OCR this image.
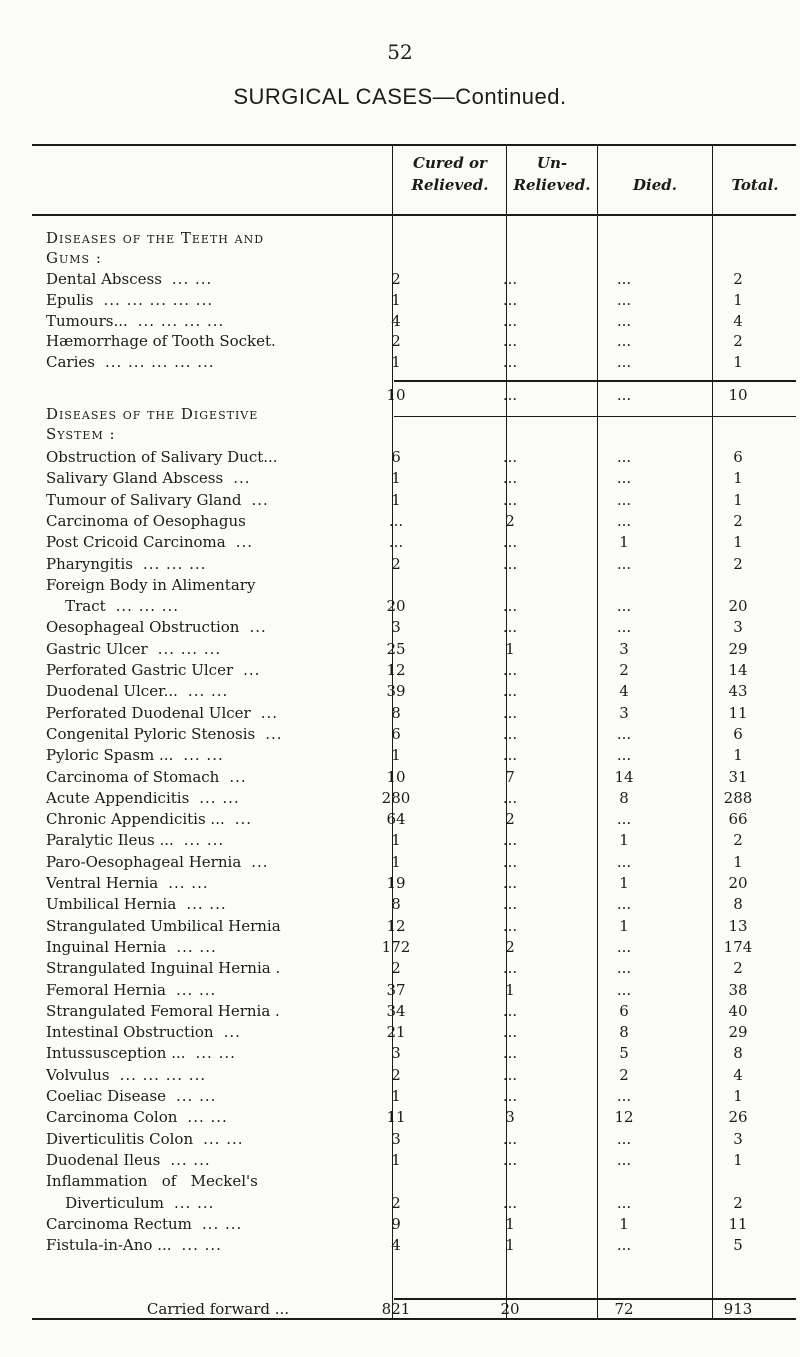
52
SURGICAL CASES—Continued.
Cured or
Relieved.
Un-
Relieved.	Died.	Total.
Diseases of the Teeth and
Gums :
Dental Abscess ... ...	2	...	...	2
Epulis ... ... ... ... ...	1	...	...	1
Tumours... ... ... ... ...	4	...	...	4
Hæmorrhage of Tooth Socket.	2	...	...	2
Caries ... ... ... ... ...	1	...	...	1
10	...	...	10
Diseases of the Digestive
System :
Obstruction of Salivary Duct...	6	...	...	6
Salivary Gland Abscess ...	1	...	...	1
Tumour of Salivary Gland ...	1	...	...	1
Carcinoma of Oesophagus	...	2	...	2
Post Cricoid Carcinoma ...	...	...	1	1
Pharyngitis ... ... ...	2	...	...	2
Foreign Body in Alimentary
Tract ... ... ...	20	...	...	20
Oesophageal Obstruction ...	3	...	...	3
Gastric Ulcer ... ... ...	25	1	3	29
Perforated Gastric Ulcer ...	12	...	2	14
Duodenal Ulcer... ... ...	39	...	4	43
Perforated Duodenal Ulcer ...	8	...	3	11
Congenital Pyloric Stenosis ...	6	...	...	6
Pyloric Spasm ... ... ...	1	...	...	1
Carcinoma of Stomach ...	10	7	14	31
Acute Appendicitis ... ...	280	...	8	288
Chronic Appendicitis ... ...	64	2	...	66
Paralytic Ileus ... ... ...	1	...	1	2
Paro-Oesophageal Hernia ...	1	...	...	1
Ventral Hernia ... ...	19	...	1	20
Umbilical Hernia ... ...	8	...	...	8
Strangulated Umbilical Hernia	12	...	1	13
Inguinal Hernia ... ...	172	2	...	174
Strangulated Inguinal Hernia .	2	...	...	2
Femoral Hernia ... ...	37	1	...	38
Strangulated Femoral Hernia .	34	...	6	40
Intestinal Obstruction ...	21	...	8	29
Intussusception ... ... ...	3	...	5	8
Volvulus ... ... ... ...	2	...	2	4
Coeliac Disease ... ...	1	...	...	1
Carcinoma Colon ... ...	11	3	12	26
Diverticulitis Colon ... ...	3	...	...	3
Duodenal Ileus ... ...	1	...	...	1
Inflammation   of   Meckel's
Diverticulum ... ...	2	...	...	2
Carcinoma Rectum ... ...	9	1	1	11
Fistula-in-Ano ... ... ...	4	1	...	5
Carried forward ...	821	20	72	913
